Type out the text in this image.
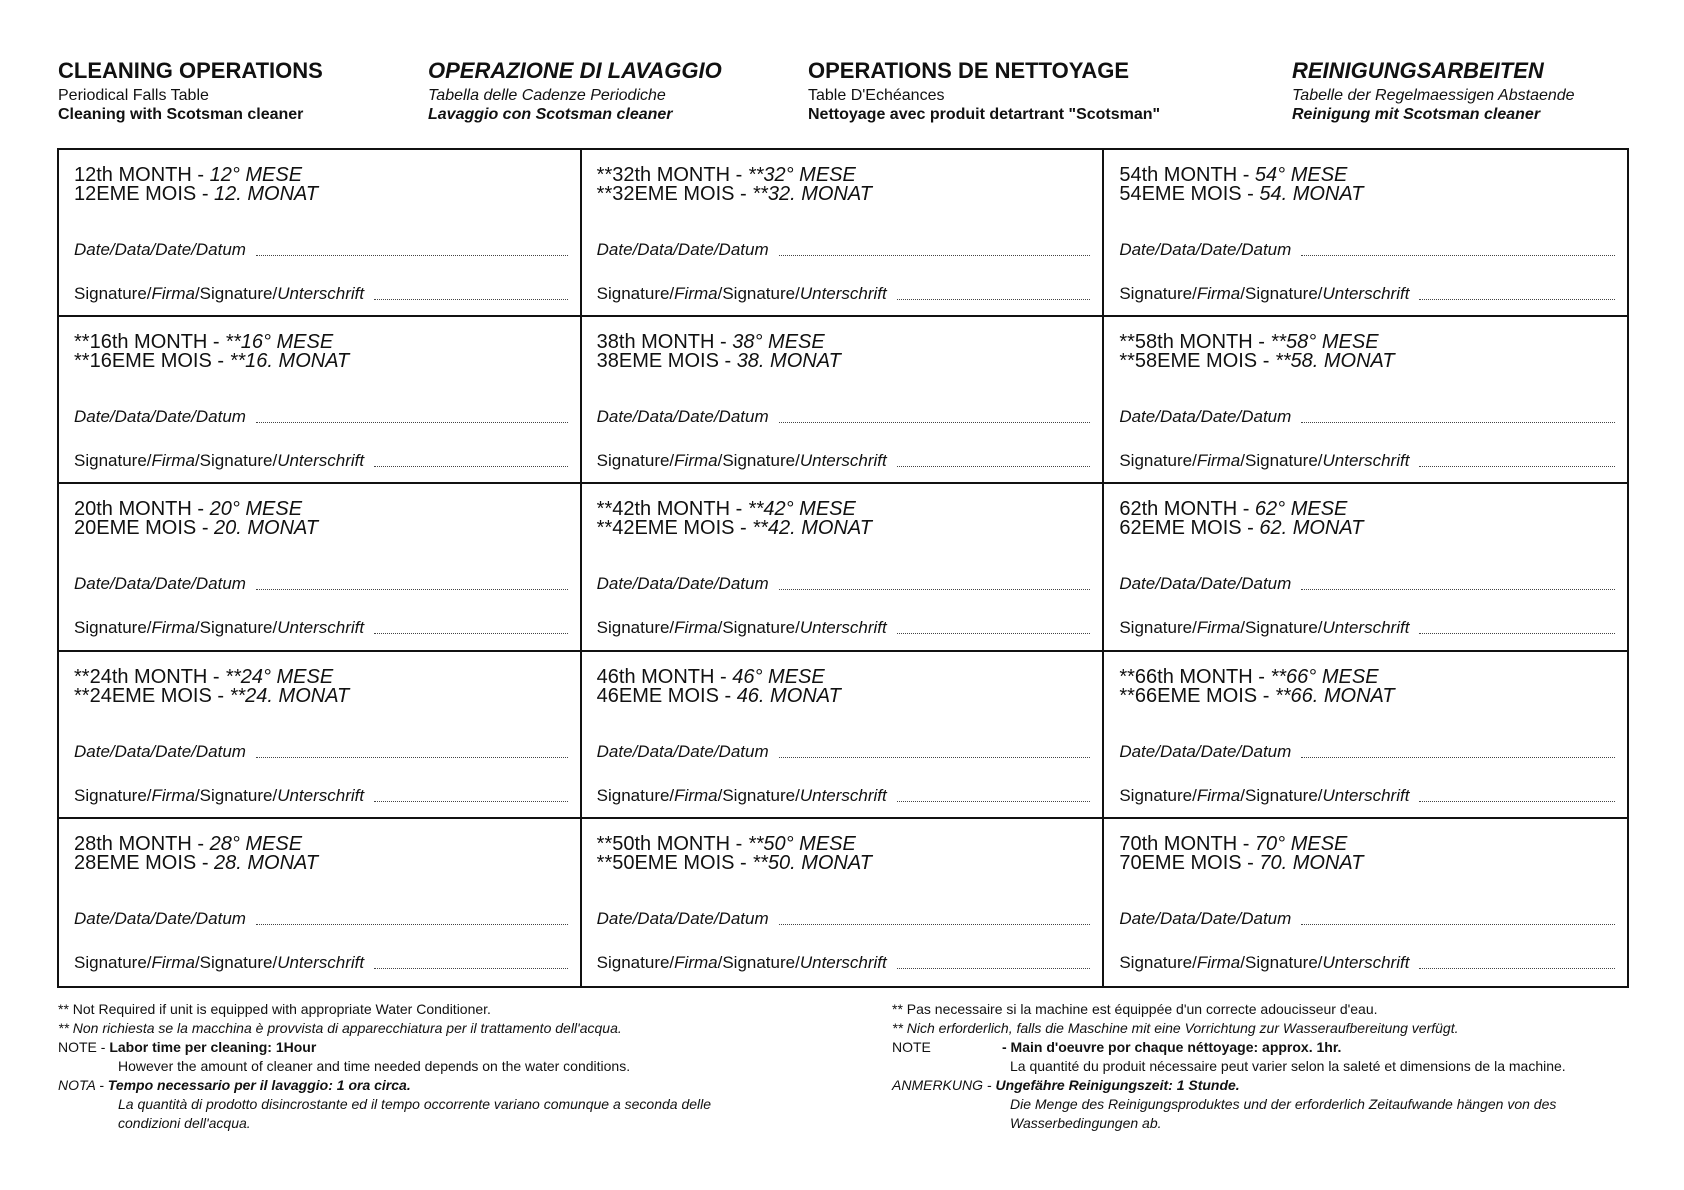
CLEANING OPERATIONS
Periodical Falls Table
Cleaning with Scotsman cleaner
OPERAZIONE DI LAVAGGIO
Tabella delle Cadenze Periodiche
Lavaggio con Scotsman cleaner
OPERATIONS DE NETTOYAGE
Table D'Echéances
Nettoyage avec produit detartrant "Scotsman"
REINIGUNGSARBEITEN
Tabelle der Regelmaessigen Abstaende
Reinigung mit Scotsman cleaner
12th MONTH - 12° MESE
12EME MOIS - 12. MONAT
Date/Data/Date/Datum
Signature/Firma/Signature/Unterschrift
**32th MONTH - **32° MESE
**32EME MOIS - **32. MONAT
Date/Data/Date/Datum
Signature/Firma/Signature/Unterschrift
54th MONTH - 54° MESE
54EME MOIS - 54. MONAT
Date/Data/Date/Datum
Signature/Firma/Signature/Unterschrift
**16th MONTH - **16° MESE
**16EME MOIS - **16. MONAT
Date/Data/Date/Datum
Signature/Firma/Signature/Unterschrift
38th MONTH - 38° MESE
38EME MOIS - 38. MONAT
Date/Data/Date/Datum
Signature/Firma/Signature/Unterschrift
**58th MONTH - **58° MESE
**58EME MOIS - **58. MONAT
Date/Data/Date/Datum
Signature/Firma/Signature/Unterschrift
20th MONTH - 20° MESE
20EME MOIS - 20. MONAT
Date/Data/Date/Datum
Signature/Firma/Signature/Unterschrift
**42th MONTH - **42° MESE
**42EME MOIS - **42. MONAT
Date/Data/Date/Datum
Signature/Firma/Signature/Unterschrift
62th MONTH - 62° MESE
62EME MOIS - 62. MONAT
Date/Data/Date/Datum
Signature/Firma/Signature/Unterschrift
**24th MONTH - **24° MESE
**24EME MOIS - **24. MONAT
Date/Data/Date/Datum
Signature/Firma/Signature/Unterschrift
46th MONTH - 46° MESE
46EME MOIS - 46. MONAT
Date/Data/Date/Datum
Signature/Firma/Signature/Unterschrift
**66th MONTH - **66° MESE
**66EME MOIS - **66. MONAT
Date/Data/Date/Datum
Signature/Firma/Signature/Unterschrift
28th MONTH - 28° MESE
28EME MOIS - 28. MONAT
Date/Data/Date/Datum
Signature/Firma/Signature/Unterschrift
**50th MONTH - **50° MESE
**50EME MOIS - **50. MONAT
Date/Data/Date/Datum
Signature/Firma/Signature/Unterschrift
70th MONTH - 70° MESE
70EME MOIS - 70. MONAT
Date/Data/Date/Datum
Signature/Firma/Signature/Unterschrift
** Not Required if unit is equipped with appropriate Water Conditioner.
** Non richiesta se la macchina è provvista di apparecchiatura per il trattamento dell'acqua.
NOTE - Labor time per cleaning: 1Hour
However the amount of cleaner and time needed depends on the water conditions.
NOTA - Tempo necessario per il lavaggio: 1 ora circa.
La quantità di prodotto disincrostante ed il tempo occorrente variano comunque a seconda delle
condizioni dell'acqua.
** Pas necessaire si la machine est équippée d'un correcte adoucisseur d'eau.
** Nich erforderlich, falls die Maschine mit eine Vorrichtung zur Wasseraufbereitung verfügt.
NOTE	- Main d'oeuvre por chaque néttoyage: approx. 1hr.
La quantité du produit nécessaire peut varier selon la saleté et dimensions de la machine.
ANMERKUNG - Ungefähre Reinigungszeit: 1 Stunde.
Die Menge des Reinigungsproduktes und der erforderlich Zeitaufwande hängen von des
Wasserbedingungen ab.
